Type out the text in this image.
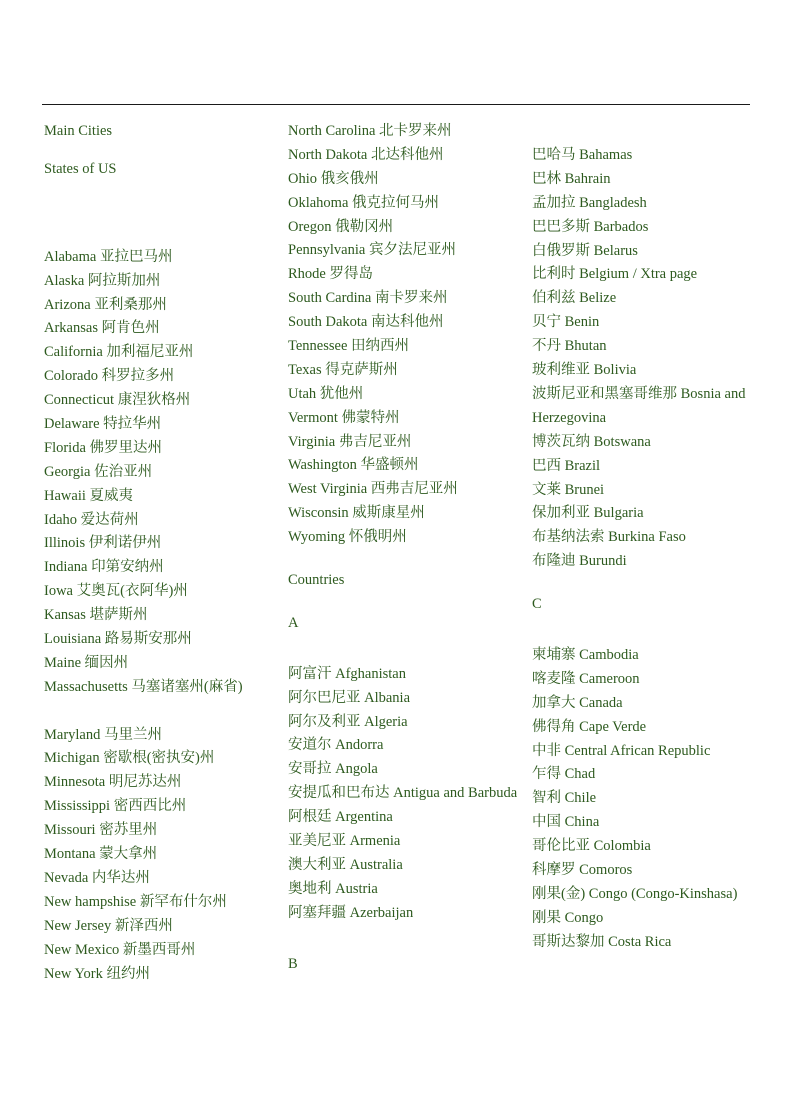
Main Cities
States of US
Alabama 亚拉巴马州
Alaska 阿拉斯加州
Arizona 亚利桑那州
Arkansas 阿肯色州
California 加利福尼亚州
Colorado 科罗拉多州
Connecticut 康涅狄格州
Delaware 特拉华州
Florida 佛罗里达州
Georgia 佐治亚州
Hawaii 夏威夷
Idaho 爱达荷州
Illinois 伊利诺伊州
Indiana 印第安纳州
Iowa 艾奥瓦(衣阿华)州
Kansas 堪萨斯州
Louisiana 路易斯安那州
Maine 缅因州
Massachusetts 马塞诸塞州(麻省)
Maryland 马里兰州
Michigan 密歇根(密执安)州
Minnesota 明尼苏达州
Mississippi 密西西比州
Missouri 密苏里州
Montana 蒙大拿州
Nevada 内华达州
New hampshise 新罕布什尔州
New Jersey 新泽西州
New Mexico 新墨西哥州
New York 纽约州
North Carolina 北卡罗来州
North Dakota 北达科他州
Ohio 俄亥俄州
Oklahoma 俄克拉何马州
Oregon 俄勒冈州
Pennsylvania 宾夕法尼亚州
Rhode 罗得岛
South Cardina 南卡罗来州
South Dakota 南达科他州
Tennessee 田纳西州
Texas 得克萨斯州
Utah 犹他州
Vermont 佛蒙特州
Virginia 弗吉尼亚州
Washington 华盛顿州
West Virginia 西弗吉尼亚州
Wisconsin 威斯康星州
Wyoming 怀俄明州
Countries
A
阿富汗 Afghanistan
阿尔巴尼亚 Albania
阿尔及利亚 Algeria
安道尔 Andorra
安哥拉 Angola
安提瓜和巴布达 Antigua and Barbuda
阿根廷 Argentina
亚美尼亚 Armenia
澳大利亚 Australia
奥地利 Austria
阿塞拜疆 Azerbaijan
B
巴哈马 Bahamas
巴林 Bahrain
孟加拉 Bangladesh
巴巴多斯 Barbados
白俄罗斯 Belarus
比利时 Belgium / Xtra page
伯利兹 Belize
贝宁 Benin
不丹 Bhutan
玻利维亚 Bolivia
波斯尼亚和黑塞哥维那 Bosnia and Herzegovina
博茨瓦纳 Botswana
巴西 Brazil
文莱 Brunei
保加利亚 Bulgaria
布基纳法索 Burkina Faso
布隆迪 Burundi
C
柬埔寨 Cambodia
喀麦隆 Cameroon
加拿大 Canada
佛得角 Cape Verde
中非 Central African Republic
乍得 Chad
智利 Chile
中国 China
哥伦比亚 Colombia
科摩罗 Comoros
刚果(金) Congo (Congo-Kinshasa)
刚果 Congo
哥斯达黎加 Costa Rica
